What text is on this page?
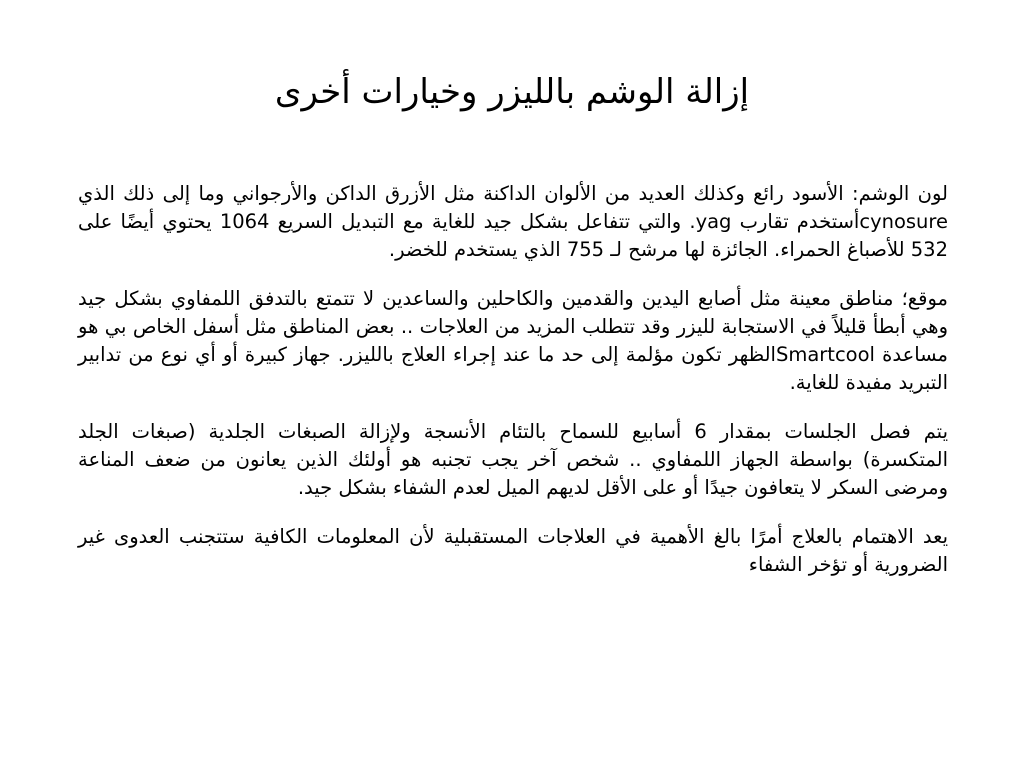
إزالة الوشم بالليزر وخيارات أخرى

لون الوشم: الأسود رائع وكذلك العديد من الألوان الداكنة مثل الأزرق الداكن والأرجواني وما إلى ذلك الذي cynosureأستخدم تقارب yag. والتي تتفاعل بشكل جيد للغاية مع التبديل السريع 1064 يحتوي أيضًا على 532 للأصباغ الحمراء. الجائزة لها مرشح لـ 755 الذي يستخدم للخضر.

موقع؛ مناطق معينة مثل أصابع اليدين والقدمين والكاحلين والساعدين لا تتمتع بالتدفق اللمفاوي بشكل جيد وهي أبطأ قليلاً في الاستجابة لليزر وقد تتطلب المزيد من العلاجات .. بعض المناطق مثل أسفل الخاص بي هو مساعدة Smartcoolالظهر تكون مؤلمة إلى حد ما عند إجراء العلاج بالليزر. جهاز كبيرة أو أي نوع من تدابير التبريد مفيدة للغاية.

يتم فصل الجلسات بمقدار 6 أسابيع للسماح بالتئام الأنسجة ولإزالة الصبغات الجلدية (صبغات الجلد المتكسرة) بواسطة الجهاز اللمفاوي .. شخص آخر يجب تجنبه هو أولئك الذين يعانون من ضعف المناعة ومرضى السكر لا يتعافون جيدًا أو على الأقل لديهم الميل لعدم الشفاء بشكل جيد.

يعد الاهتمام بالعلاج أمرًا بالغ الأهمية في العلاجات المستقبلية لأن المعلومات الكافية ستتجنب العدوى غير الضرورية أو تؤخر الشفاء
